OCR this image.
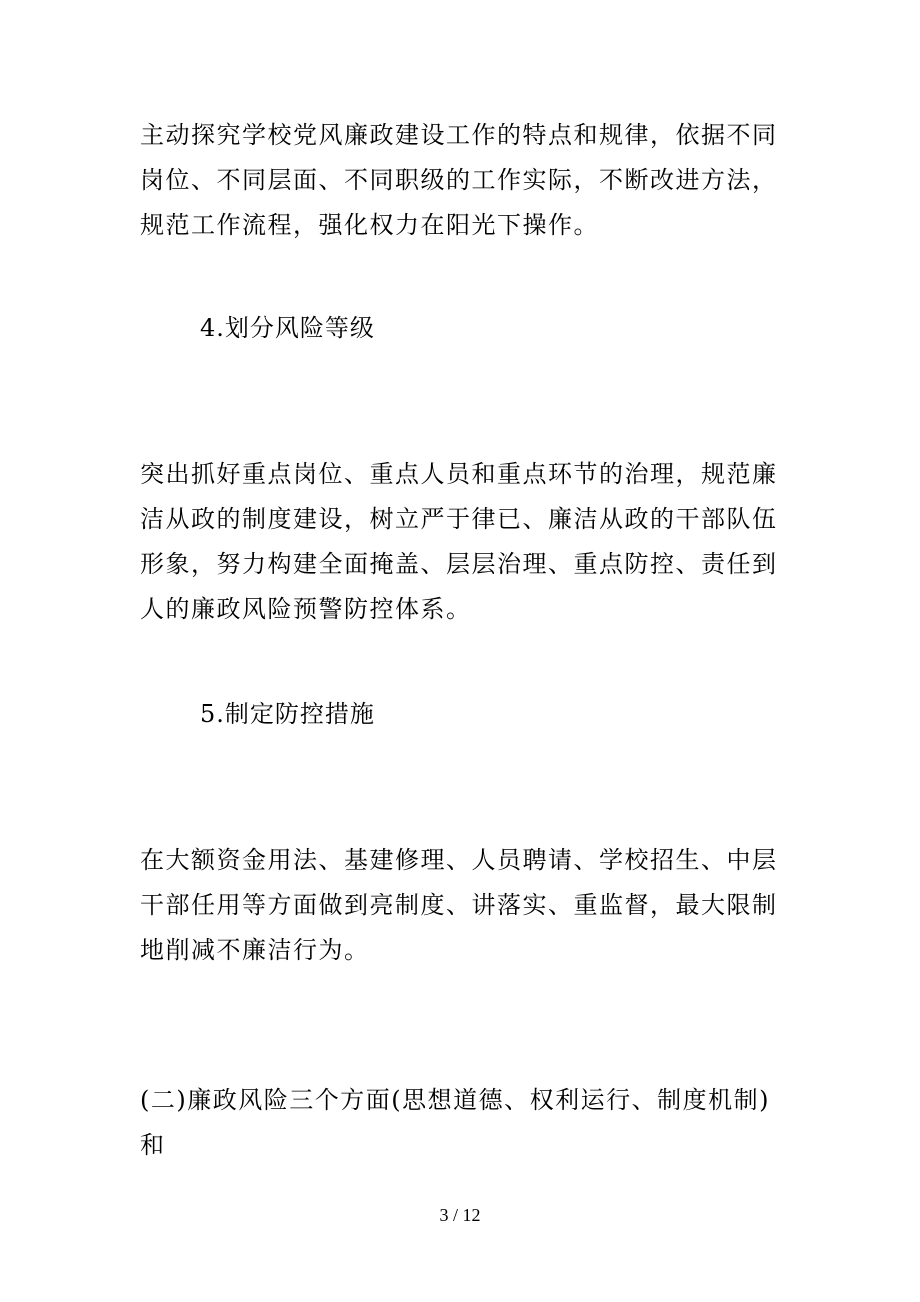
主动探究学校党风廉政建设工作的特点和规律，依据不同
岗位、不同层面、不同职级的工作实际，不断改进方法，
规范工作流程，强化权力在阳光下操作。

4.划分风险等级

突出抓好重点岗位、重点人员和重点环节的治理，规范廉
洁从政的制度建设，树立严于律已、廉洁从政的干部队伍
形象，努力构建全面掩盖、层层治理、重点防控、责任到
人的廉政风险预警防控体系。

5.制定防控措施

在大额资金用法、基建修理、人员聘请、学校招生、中层
干部任用等方面做到亮制度、讲落实、重监督，最大限制
地削减不廉洁行为。

(二)廉政风险三个方面(思想道德、权利运行、制度机制)
和

3 / 12
